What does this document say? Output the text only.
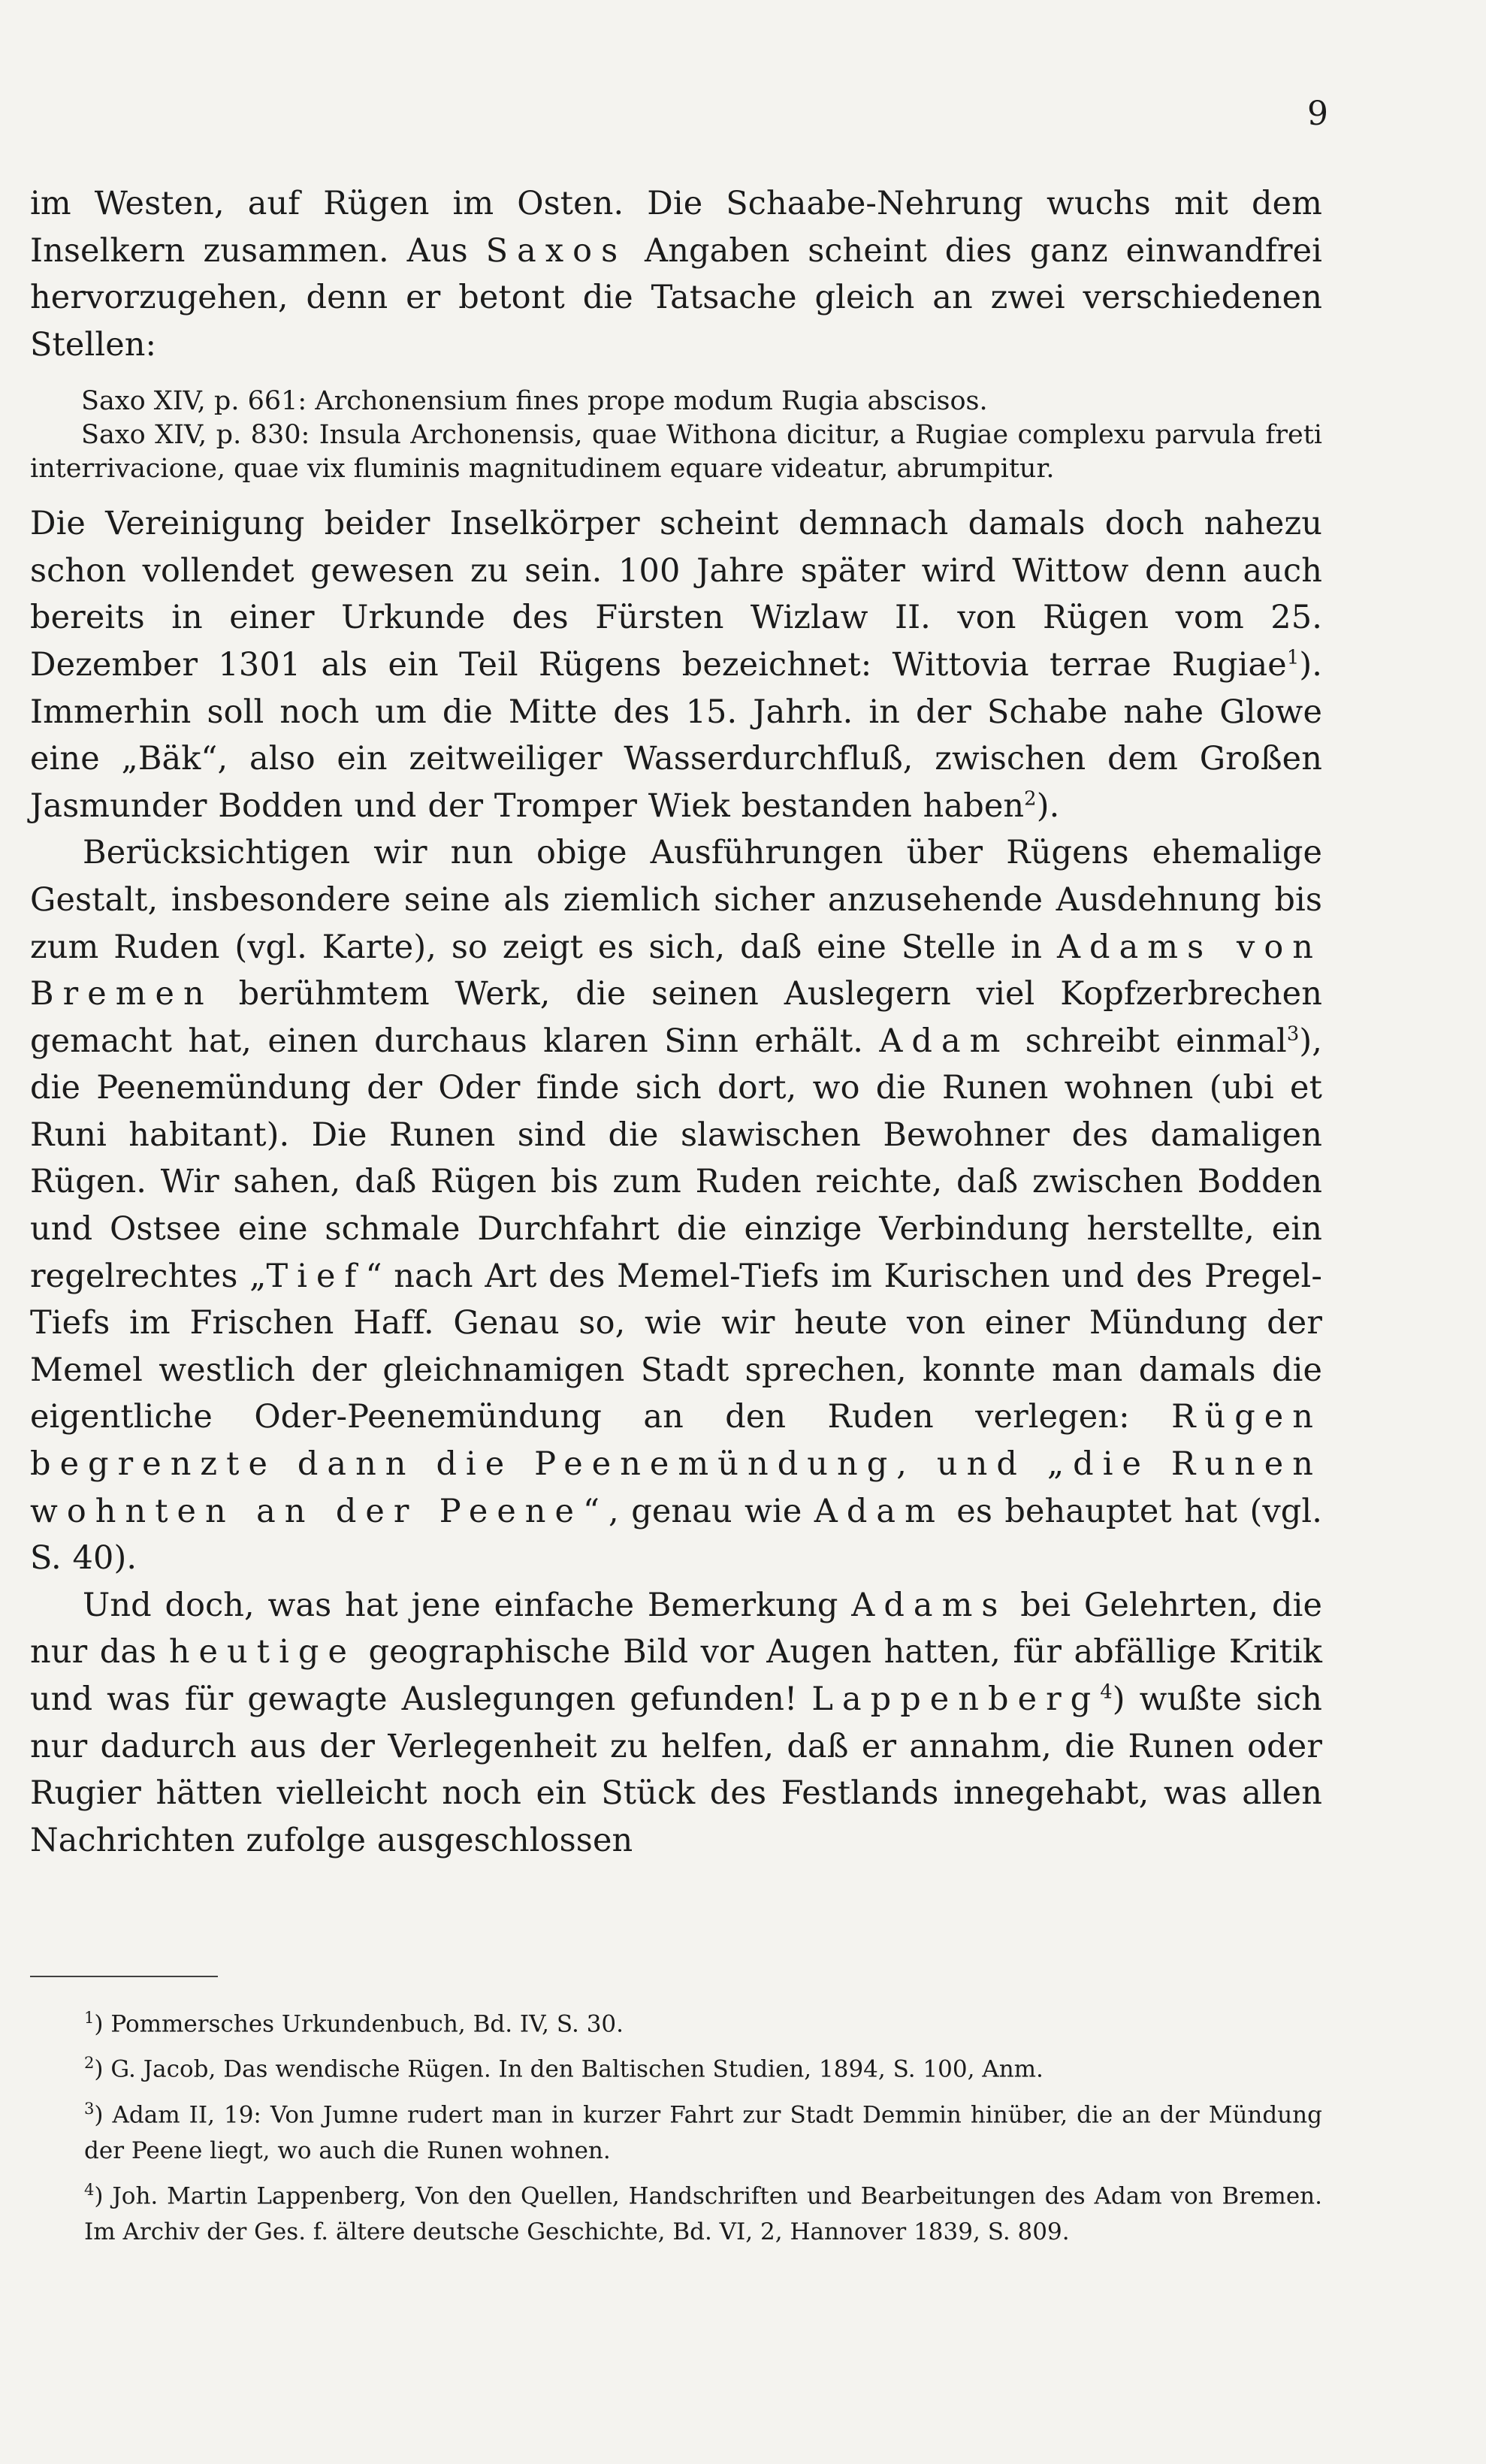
9

im Westen, auf Rügen im Osten. Die Schaabe-Nehrung wuchs mit dem Inselkern zusammen. Aus Saxos Angaben scheint dies ganz einwandfrei hervorzugehen, denn er betont die Tatsache gleich an zwei verschiedenen Stellen:

Saxo XIV, p. 661: Archonensium fines prope modum Rugia abscisos.

Saxo XIV, p. 830: Insula Archonensis, quae Withona dicitur, a Rugiae complexu parvula freti interrivacione, quae vix fluminis magnitudinem equare videatur, abrumpitur.

Die Vereinigung beider Inselkörper scheint demnach damals doch nahezu schon vollendet gewesen zu sein. 100 Jahre später wird Wittow denn auch bereits in einer Urkunde des Fürsten Wizlaw II. von Rügen vom 25. Dezember 1301 als ein Teil Rügens bezeichnet: Wittovia terrae Rugiae$^1$). Immerhin soll noch um die Mitte des 15. Jahrh. in der Schabe nahe Glowe eine „Bäk“, also ein zeitweiliger Wasserdurchfluß, zwischen dem Großen Jasmunder Bodden und der Tromper Wiek bestanden haben$^2$).

Berücksichtigen wir nun obige Ausführungen über Rügens ehemalige Gestalt, insbesondere seine als ziemlich sicher anzusehende Ausdehnung bis zum Ruden (vgl. Karte), so zeigt es sich, daß eine Stelle in Adams von Bremen berühmtem Werk, die seinen Auslegern viel Kopfzerbrechen gemacht hat, einen durchaus klaren Sinn erhält. Adam schreibt einmal$^3$), die Peenemündung der Oder finde sich dort, wo die Runen wohnen (ubi et Runi habitant). Die Runen sind die slawischen Bewohner des damaligen Rügen. Wir sahen, daß Rügen bis zum Ruden reichte, daß zwischen Bodden und Ostsee eine schmale Durchfahrt die einzige Verbindung herstellte, ein regelrechtes „Tief“ nach Art des Memel-Tiefs im Kurischen und des Pregel-Tiefs im Frischen Haff. Genau so, wie wir heute von einer Mündung der Memel westlich der gleichnamigen Stadt sprechen, konnte man damals die eigentliche Oder-Peenemündung an den Ruden verlegen: Rügen begrenzte dann die Peenemündung, und „die Runen wohnten an der Peene“, genau wie Adam es behauptet hat (vgl. S. 40).

Und doch, was hat jene einfache Bemerkung Adams bei Gelehrten, die nur das heutige geographische Bild vor Augen hatten, für abfällige Kritik und was für gewagte Auslegungen gefunden! Lappenberg$^4$) wußte sich nur dadurch aus der Verlegenheit zu helfen, daß er annahm, die Runen oder Rugier hätten vielleicht noch ein Stück des Festlands innegehabt, was allen Nachrichten zufolge ausgeschlossen

$^1$) Pommersches Urkundenbuch, Bd. IV, S. 30.

$^2$) G. Jacob, Das wendische Rügen. In den Baltischen Studien, 1894, S. 100, Anm.

$^3$) Adam II, 19: Von Jumne rudert man in kurzer Fahrt zur Stadt Demmin hinüber, die an der Mündung der Peene liegt, wo auch die Runen wohnen.

$^4$) Joh. Martin Lappenberg, Von den Quellen, Handschriften und Bearbeitungen des Adam von Bremen. Im Archiv der Ges. f. ältere deutsche Geschichte, Bd. VI, 2, Hannover 1839, S. 809.
